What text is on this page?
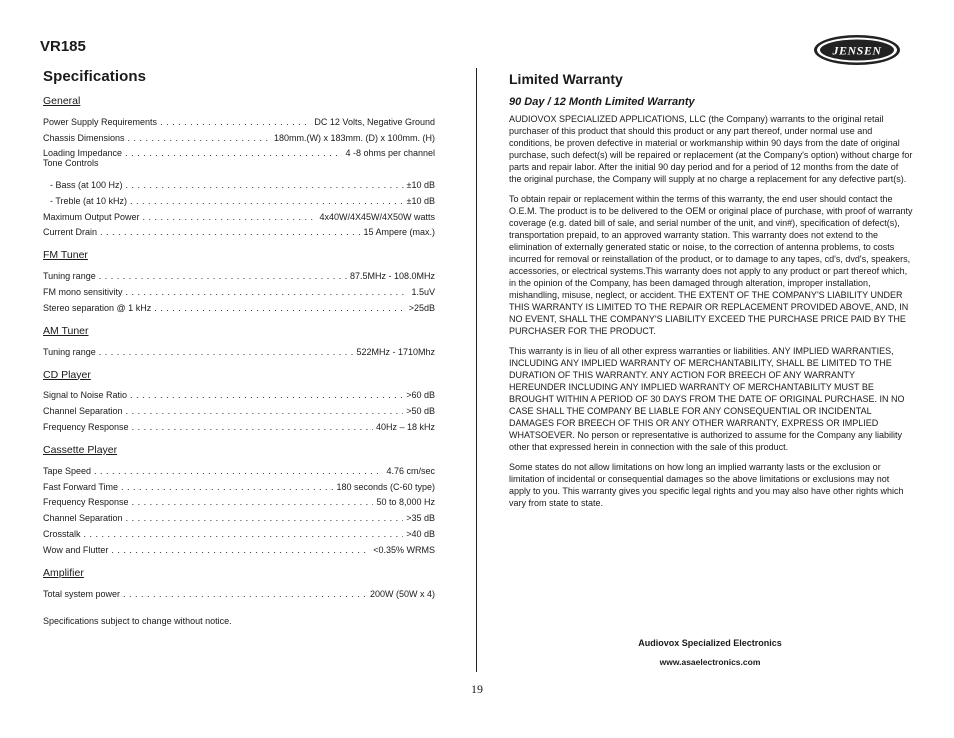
VR185	JENSEN
Specifications
General
Power Supply Requirements . . .	DC 12 Volts, Negative Ground
Chassis Dimensions . . .	180mm.(W) x 183mm. (D) x 100mm. (H)
Loading Impedance . . .	4 -8 ohms per channel
Tone Controls
- Bass (at 100 Hz) . . .	±10 dB
- Treble (at 10 kHz) . . .	±10 dB
Maximum Output Power . . .	4x40W/4X45W/4X50W watts
Current Drain . . .	15 Ampere (max.)
FM Tuner
Tuning range . . .	87.5MHz - 108.0MHz
FM mono sensitivity . . .	1.5uV
Stereo separation @ 1 kHz . . .	>25dB
AM Tuner
Tuning range . . .	522MHz - 1710Mhz
CD Player
Signal to Noise Ratio . . .	>60 dB
Channel Separation . . .	>50 dB
Frequency Response . . .	40Hz – 18 kHz
Cassette Player
Tape Speed . . .	4.76 cm/sec
Fast Forward Time . . .	180 seconds (C-60 type)
Frequency Response . . .	50 to 8,000 Hz
Channel Separation . . .	>35 dB
Crosstalk . . .	>40 dB
Wow and Flutter . . .	<0.35% WRMS
Amplifier
Total system power . . .	200W (50W x 4)
Specifications subject to change without notice.
Limited Warranty
90 Day / 12 Month Limited Warranty
AUDIOVOX SPECIALIZED APPLICATIONS, LLC (the Company) warrants to the original retail purchaser of this product that should this product or any part thereof, under normal use and conditions, be proven defective in material or workmanship within 90 days from the date of original purchase, such defect(s) will be repaired or replacement (at the Company's option) without charge for parts and repair labor. After the initial 90 day period and for a period of 12 months from the date of the original purchase, the Company will supply at no charge a replacement for any defective part(s).
To obtain repair or replacement within the terms of this warranty, the end user should contact the O.E.M. The product is to be delivered to the OEM or original place of purchase, with proof of warranty coverage (e.g. dated bill of sale, and serial number of the unit, and vin#), specification of defect(s), transportation prepaid, to an approved warranty station. This warranty does not extend to the elimination of externally generated static or noise, to the correction of antenna problems, to costs incurred for removal or reinstallation of the product, or to damage to any tapes, cd's, dvd's, speakers, accessories, or electrical systems.This warranty does not apply to any product or part thereof which, in the opinion of the Company, has been damaged through alteration, improper installation, mishandling, misuse, neglect, or accident. THE EXTENT OF THE COMPANY'S LIABILITY UNDER THIS WARRANTY IS LIMITED TO THE REPAIR OR REPLACEMENT PROVIDED ABOVE, AND, IN NO EVENT, SHALL THE COMPANY'S LIABILITY EXCEED THE PURCHASE PRICE PAID BY THE PURCHASER FOR THE PRODUCT.
This warranty is in lieu of all other express warranties or liabilities. ANY IMPLIED WARRANTIES, INCLUDING ANY IMPLIED WARRANTY OF MERCHANTABILITY, SHALL BE LIMITED TO THE DURATION OF THIS WARRANTY. ANY ACTION FOR BREECH OF ANY WARRANTY HEREUNDER INCLUDING ANY IMPLIED WARRANTY OF MERCHANTABILITY MUST BE BROUGHT WITHIN A PERIOD OF 30 DAYS FROM THE DATE OF ORIGINAL PURCHASE. IN NO CASE SHALL THE COMPANY BE LIABLE FOR ANY CONSEQUENTIAL OR INCIDENTAL DAMAGES FOR BREECH OF THIS OR ANY OTHER WARRANTY, EXPRESS OR IMPLIED WHATSOEVER. No person or representative is authorized to assume for the Company any liability other that expressed herein in connection with the sale of this product.
Some states do not allow limitations on how long an implied warranty lasts or the exclusion or limitation of incidental or consequential damages so the above limitations or exclusions may not apply to you. This warranty gives you specific legal rights and you may also have other rights which vary from state to state.
Audiovox Specialized Electronics
www.asaelectronics.com
19
